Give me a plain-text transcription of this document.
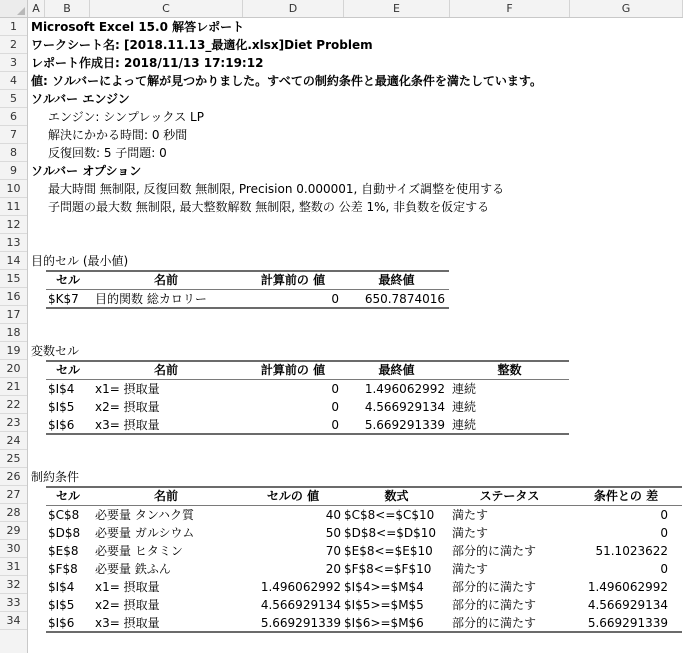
A	B	C	D	E	F	G
1
2
3
4
5
6
7
8
9
10
11
12
13
14
15
16
17
18
19
20
21
22
23
24
25
26
27
28
29
30
31
32
33
34
Microsoft Excel 15.0 解答レポート
ワークシート名: [2018.11.13_最適化.xlsx]Diet Problem
レポート作成日: 2018/11/13 17:19:12
値: ソルバーによって解が見つかりました。すべての制約条件と最適化条件を満たしています。
ソルバー エンジン
エンジン: シンプレックス LP
解決にかかる時間: 0 秒間
反復回数: 5 子問題: 0
ソルバー オプション
最大時間 無制限, 反復回数 無制限, Precision 0.000001, 自動サイズ調整を使用する
子問題の最大数 無制限, 最大整数解数 無制限, 整数の 公差 1%, 非負数を仮定する
目的セル (最小値)
セル	名前	計算前の 値	最終値
$K$7 目的関数 総カロリー	0	650.7874016
変数セル
セル	名前	計算前の 値	最終値	整数
$I$4 x1= 摂取量	0	1.496062992 連続
$I$5 x2= 摂取量	0	4.566929134 連続
$I$6 x3= 摂取量	0	5.669291339 連続
制約条件
セル	名前	セルの 値	数式	ステータス	条件との 差
$C$8 必要量 タンハク質	40 $C$8<=$C$10 満たす	0
$D$8 必要量 ガルシウム	50 $D$8<=$D$10 満たす	0
$E$8 必要量 ヒタミン	70 $E$8<=$E$10 部分的に満たす	51.1023622
$F$8 必要量 鉄ふん	20 $F$8<=$F$10 満たす	0
$I$4 x1= 摂取量	1.496062992 $I$4>=$M$4 部分的に満たす	1.496062992
$I$5 x2= 摂取量	4.566929134 $I$5>=$M$5 部分的に満たす	4.566929134
$I$6 x3= 摂取量	5.669291339 $I$6>=$M$6 部分的に満たす	5.669291339
